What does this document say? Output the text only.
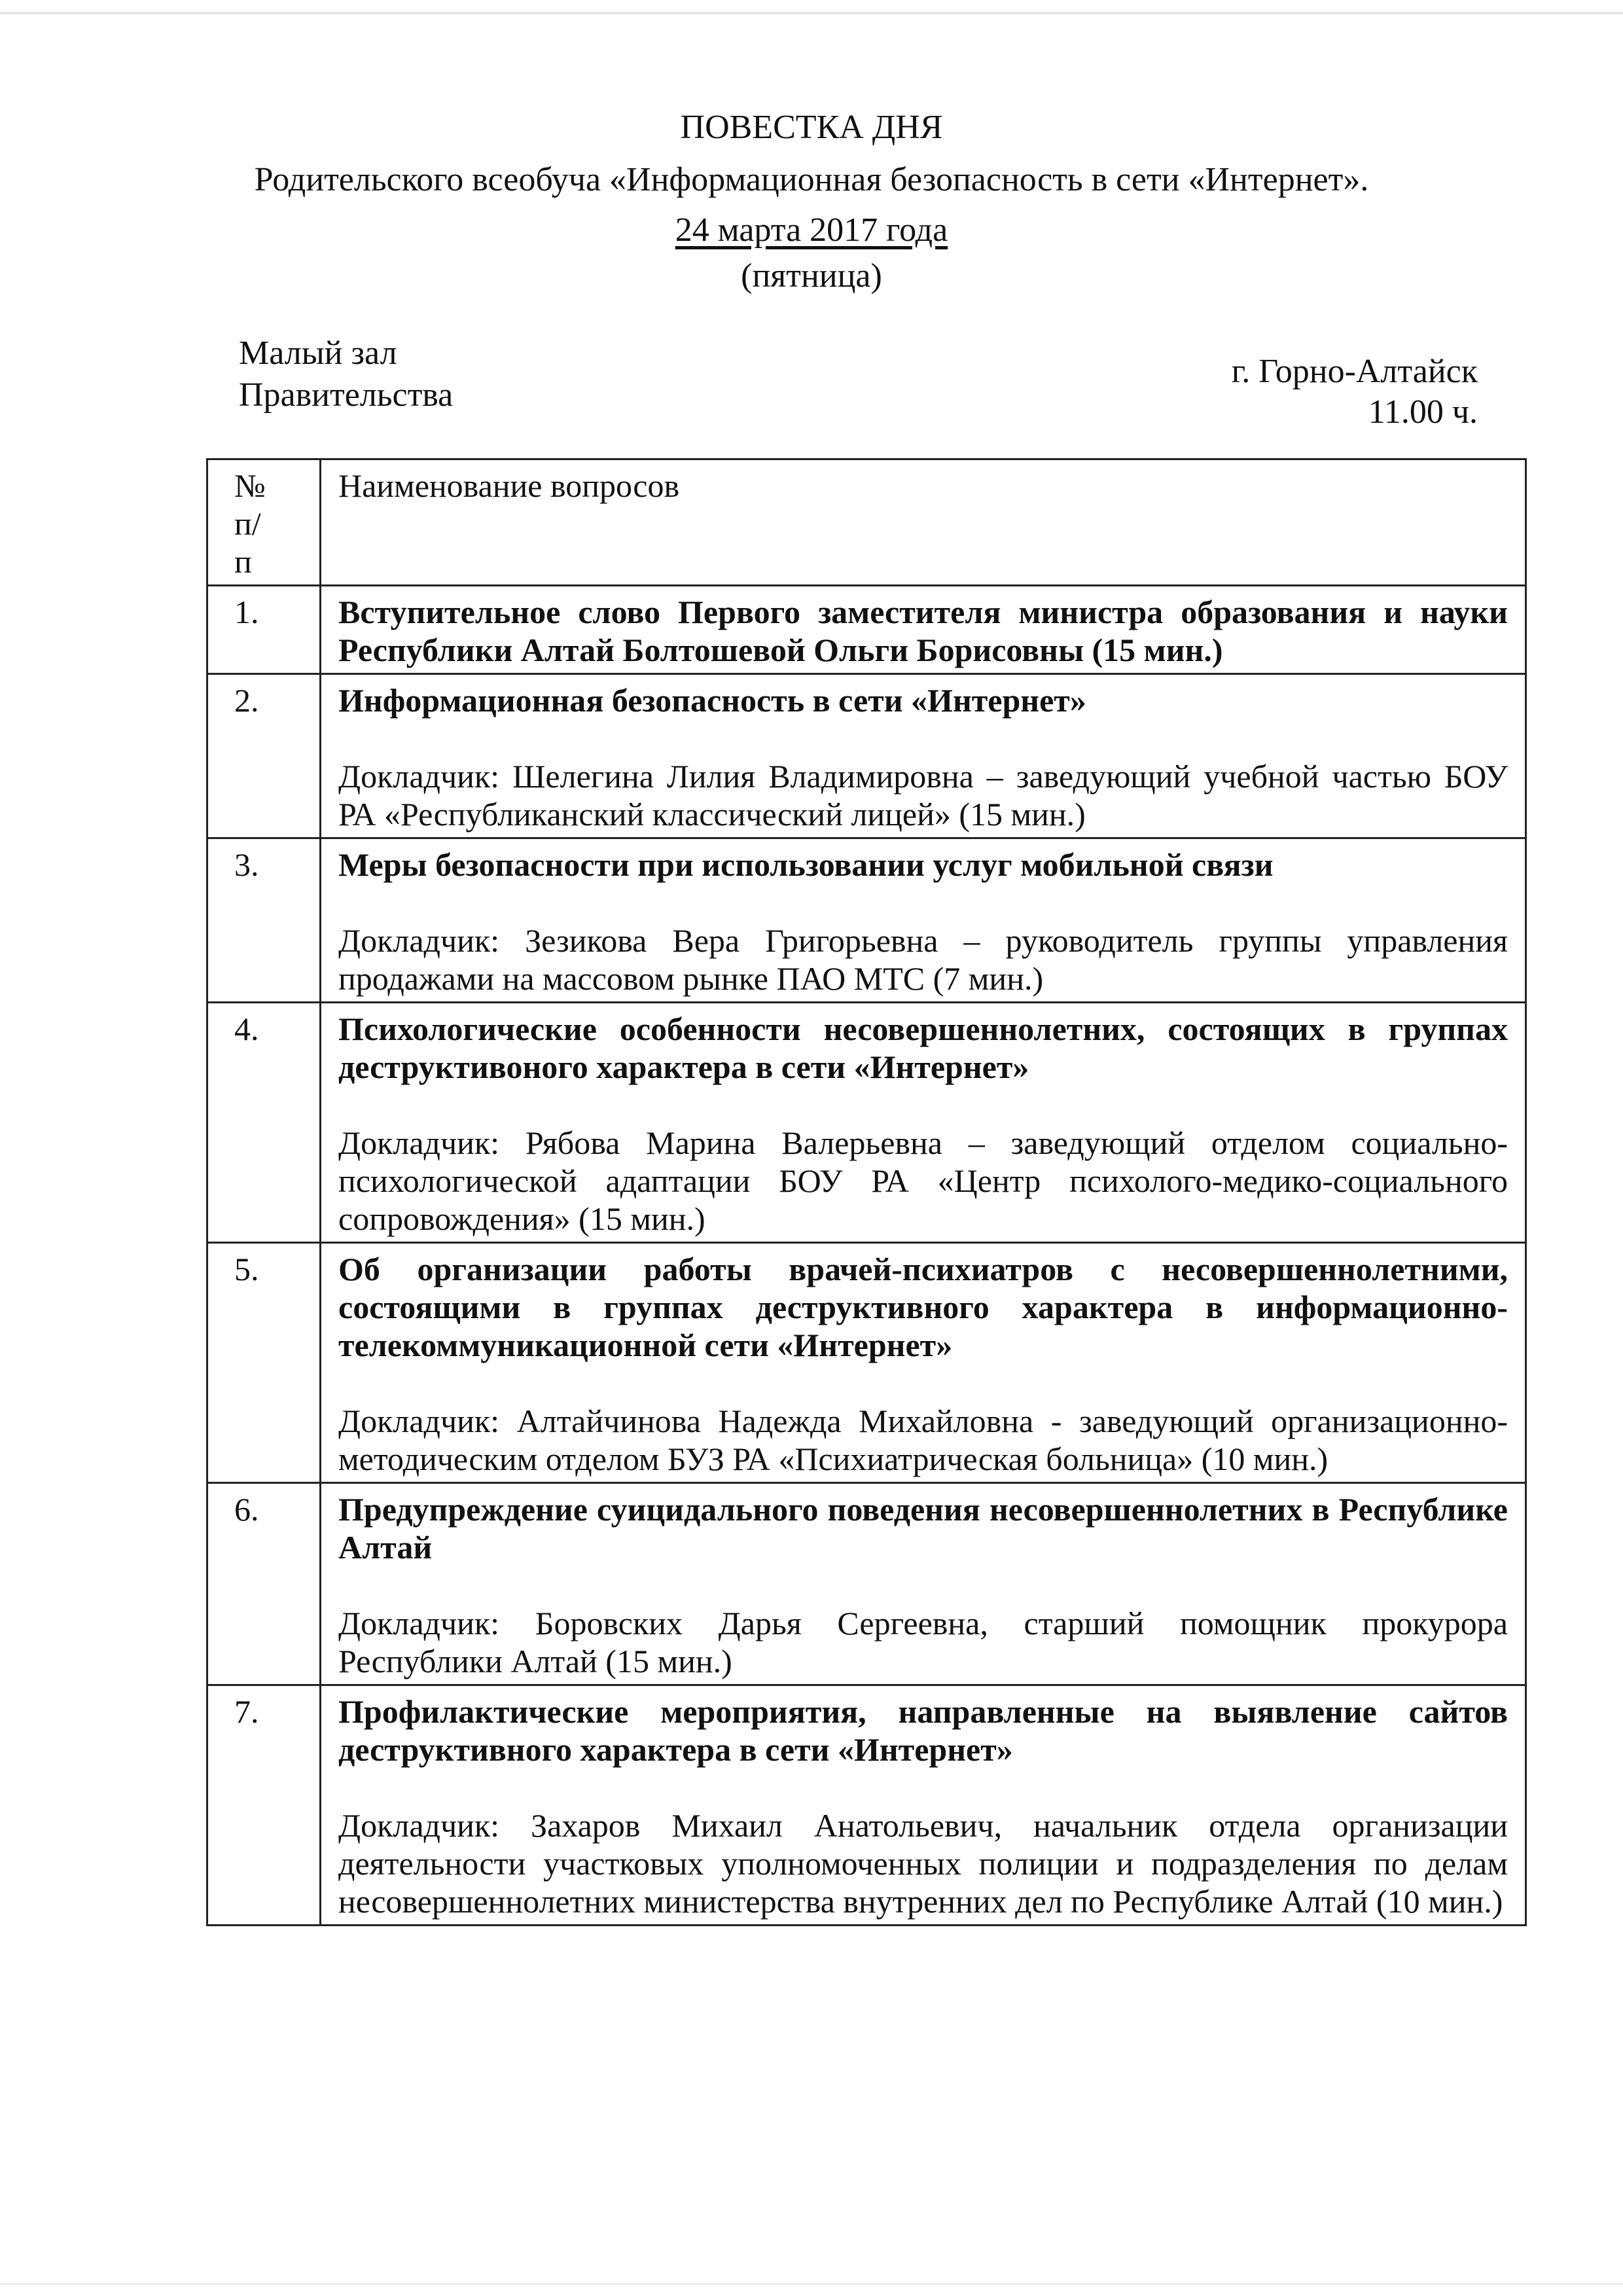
ПОВЕСТКА ДНЯ
Родительского всеобуча «Информационная безопасность в сети «Интернет».
24 марта 2017 года
(пятница)
Малый зал
Правительства
г. Горно-Алтайск
11.00 ч.
№ п/п	Наименование вопросов
1.	Вступительное слово Первого заместителя министра образования и науки Республики Алтай Болтошевой Ольги Борисовны (15 мин.)

2.	Информационная безопасность в сети «Интернет»
Докладчик: Шелегина Лилия Владимировна – заведующий учебной частью БОУ РА «Республиканский классический лицей» (15 мин.)

3.	Меры безопасности при использовании услуг мобильной связи
Докладчик: Зезикова Вера Григорьевна – руководитель группы управления продажами на массовом рынке ПАО МТС (7 мин.)

4.	Психологические особенности несовершеннолетних, состоящих в группах деструктивоного характера в сети «Интернет»
Докладчик: Рябова Марина Валерьевна – заведующий отделом социально-психологической адаптации БОУ РА «Центр психолого-медико-социального сопровождения» (15 мин.)

5.	Об организации работы врачей-психиатров с несовершеннолетними, состоящими в группах деструктивного характера в информационно-телекоммуникационной сети «Интернет»
Докладчик: Алтайчинова Надежда Михайловна - заведующий организационно-методическим отделом БУЗ РА «Психиатрическая больница» (10 мин.)

6.	Предупреждение суицидального поведения несовершеннолетних в Республике Алтай
Докладчик: Боровских Дарья Сергеевна, старший помощник прокурора Республики Алтай (15 мин.)

7.	Профилактические мероприятия, направленные на выявление сайтов деструктивного характера в сети «Интернет»
Докладчик: Захаров Михаил Анатольевич, начальник отдела организации деятельности участковых уполномоченных полиции и подразделения по делам несовершеннолетних министерства внутренних дел по Республике Алтай (10 мин.)
